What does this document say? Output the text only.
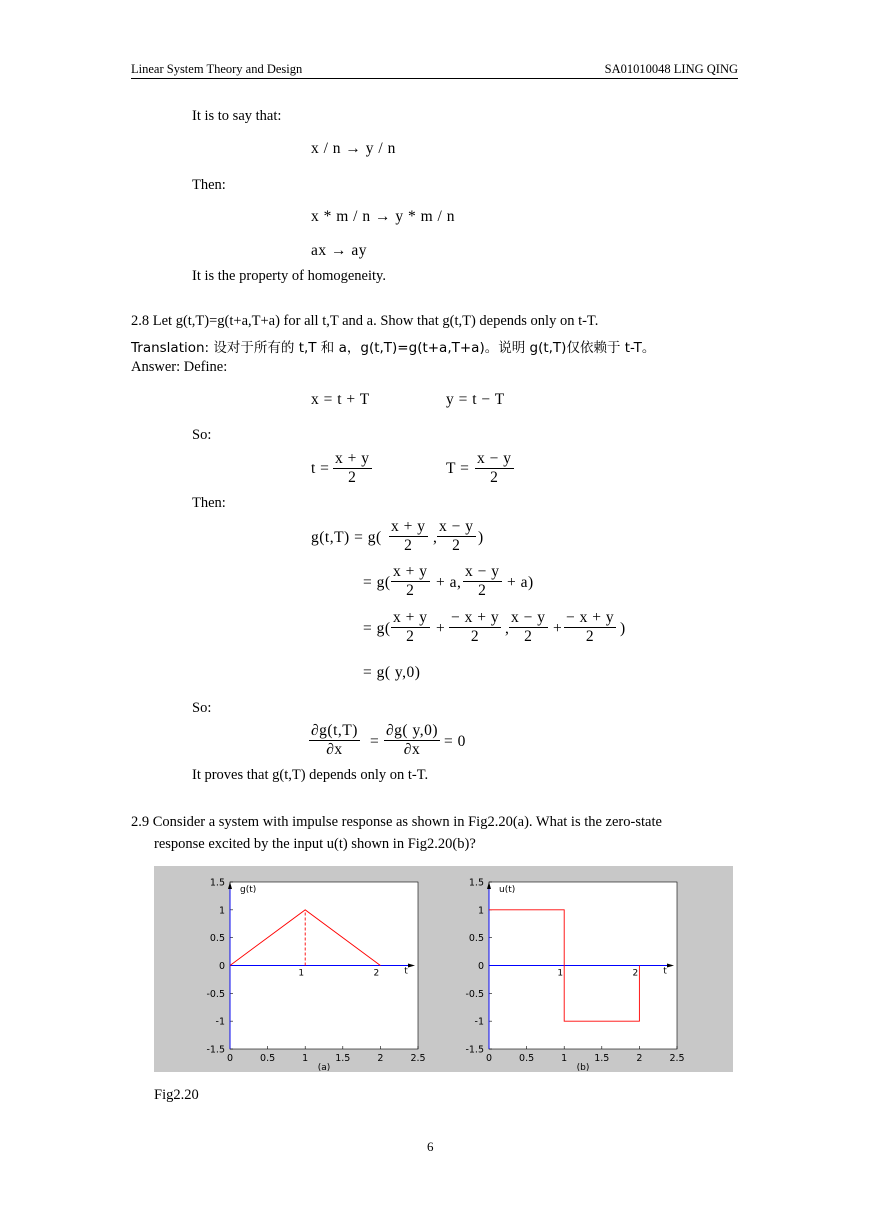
Linear System Theory and Design	SA01010048 LING QING
It is to say that:
x / n → y / n
Then:
x * m / n → y * m / n
ax → ay
It is the property of homogeneity.
2.8 Let g(t,T)=g(t+a,T+a) for all t,T and a. Show that g(t,T) depends only on t-T.
Translation: 设对于所有的 t,T 和 a，g(t,T)=g(t+a,T+a)。说明 g(t,T)仅依赖于 t-T。
Answer: Define:
x = t + T	y = t − T
So:
$t = \frac{x + y}{2}$	$T = \frac{x - y}{2}$
Then:
$g(t,T) = g( \frac{x + y}{2}$ , $\frac{x - y}{2}$ )
= $g( \frac{x + y}{2} + a$, $\frac{x - y}{2} + a$)
= $g( \frac{x + y}{2} + \frac{- x + y}{2}$ , $\frac{x - y}{2} + \frac{- x + y}{2}$ )
= g( y,0)
So:
$\frac{\partial g(t,T)}{\partial x} = \frac{\partial g( y,0)}{\partial x} = 0$
It proves that g(t,T) depends only on t-T.
2.9 Consider a system with impulse response as shown in Fig2.20(a). What is the zero-state
response excited by the input u(t) shown in Fig2.20(b)?
1.5
1
0.5
0
-0.5
-1
-1.5
0	0.5	1	1.5	2	2.5
1	2	t
g(t)
(a)
1.5
1
0.5
0
-0.5
-1
-1.5
0	0.5	1	1.5	2	2.5
1	2	t
u(t)
(b)
Fig2.20
6
